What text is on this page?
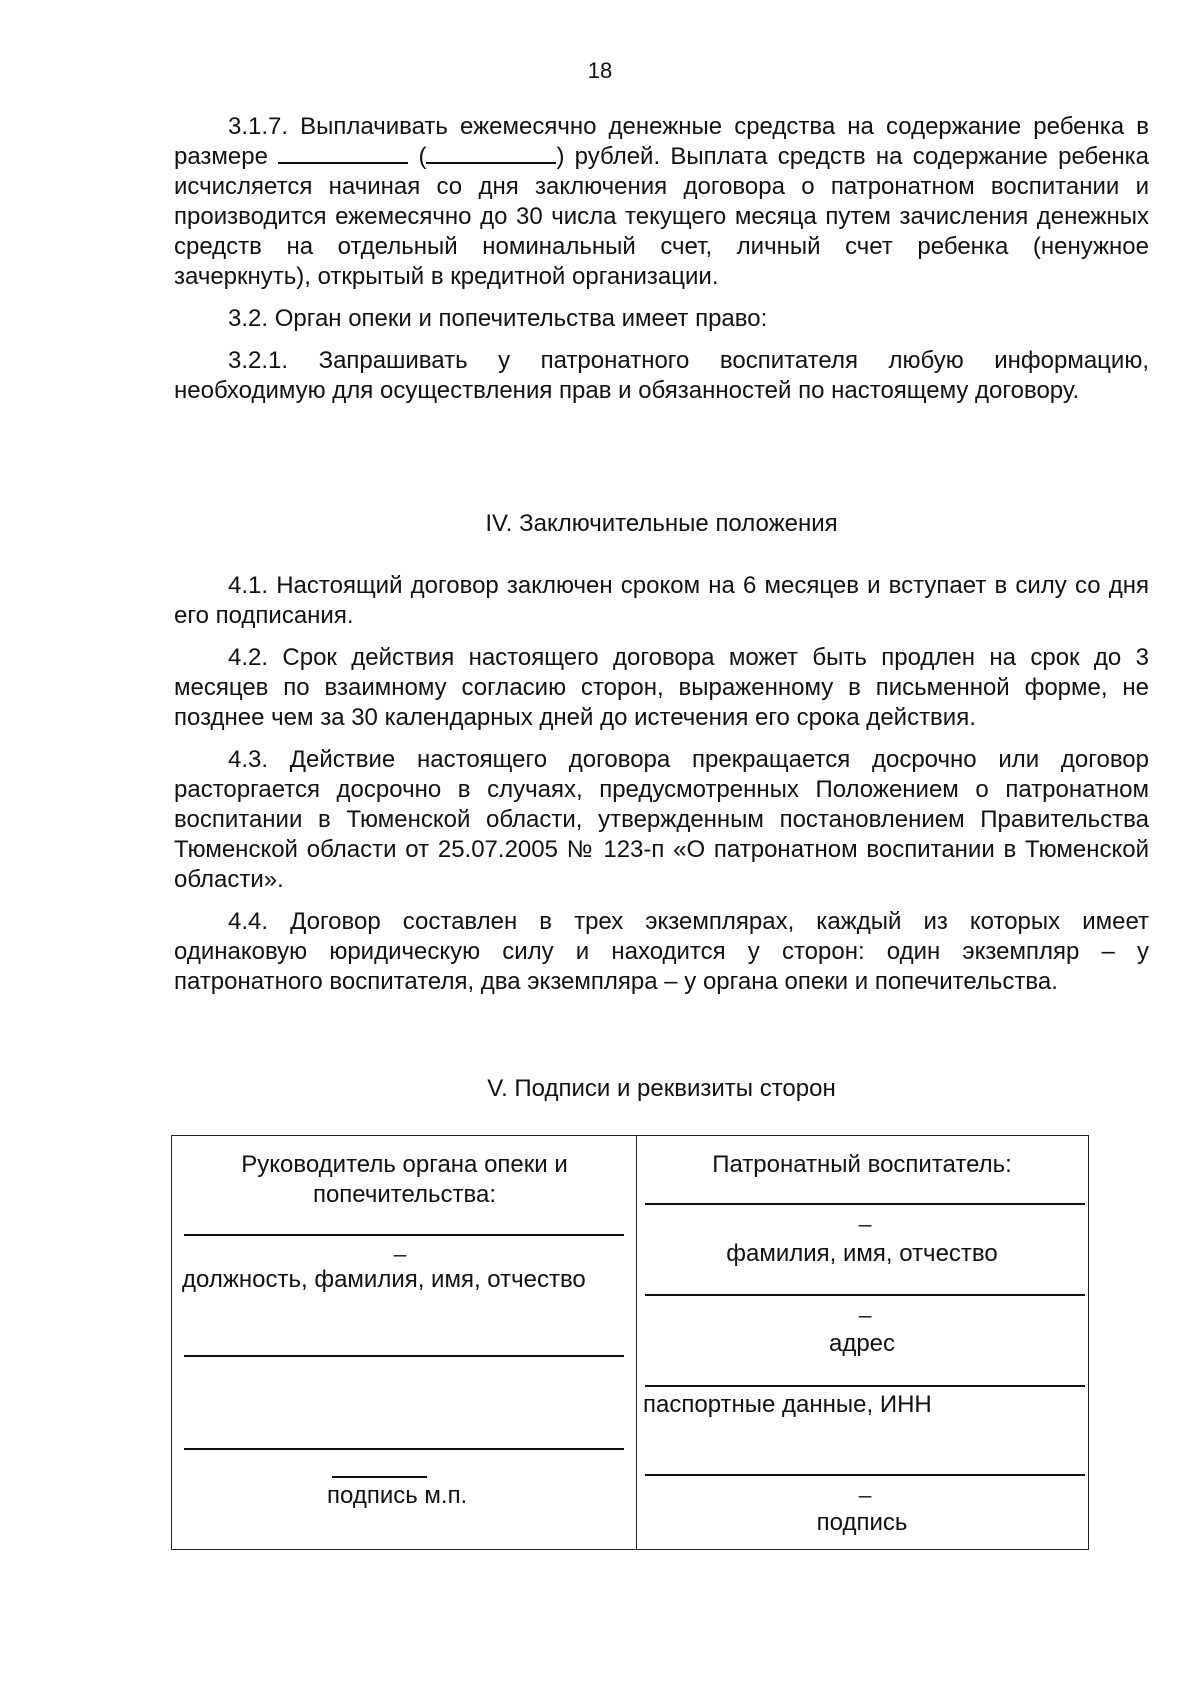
18

3.1.7. Выплачивать ежемесячно денежные средства на содержание ребенка в размере	(	) рублей. Выплата средств на содержание ребенка исчисляется начиная со дня заключения договора о патронатном воспитании и производится ежемесячно до 30 числа текущего месяца путем зачисления денежных средств на отдельный номинальный счет, личный счет ребенка (ненужное зачеркнуть), открытый в кредитной организации.

3.2. Орган опеки и попечительства имеет право:

3.2.1. Запрашивать у патронатного воспитателя любую информацию, необходимую для осуществления прав и обязанностей по настоящему договору.

IV. Заключительные положения

4.1. Настоящий договор заключен сроком на 6 месяцев и вступает в силу со дня его подписания.

4.2. Срок действия настоящего договора может быть продлен на срок до 3 месяцев по взаимному согласию сторон, выраженному в письменной форме, не позднее чем за 30 календарных дней до истечения его срока действия.

4.3. Действие настоящего договора прекращается досрочно или договор расторгается досрочно в случаях, предусмотренных Положением о патронатном воспитании в Тюменской области, утвержденным постановлением Правительства Тюменской области от 25.07.2005 № 123-п «О патронатном воспитании в Тюменской области».

4.4. Договор составлен в трех экземплярах, каждый из которых имеет одинаковую юридическую силу и находится у сторон: один экземпляр – у патронатного воспитателя, два экземпляра – у органа опеки и попечительства.

V. Подписи и реквизиты сторон

Руководитель органа опеки и попечительства:
_
должность, фамилия, имя, отчество
подпись м.п.
Патронатный воспитатель:
_
фамилия, имя, отчество
_
адрес
паспортные данные, ИНН
_
подпись
